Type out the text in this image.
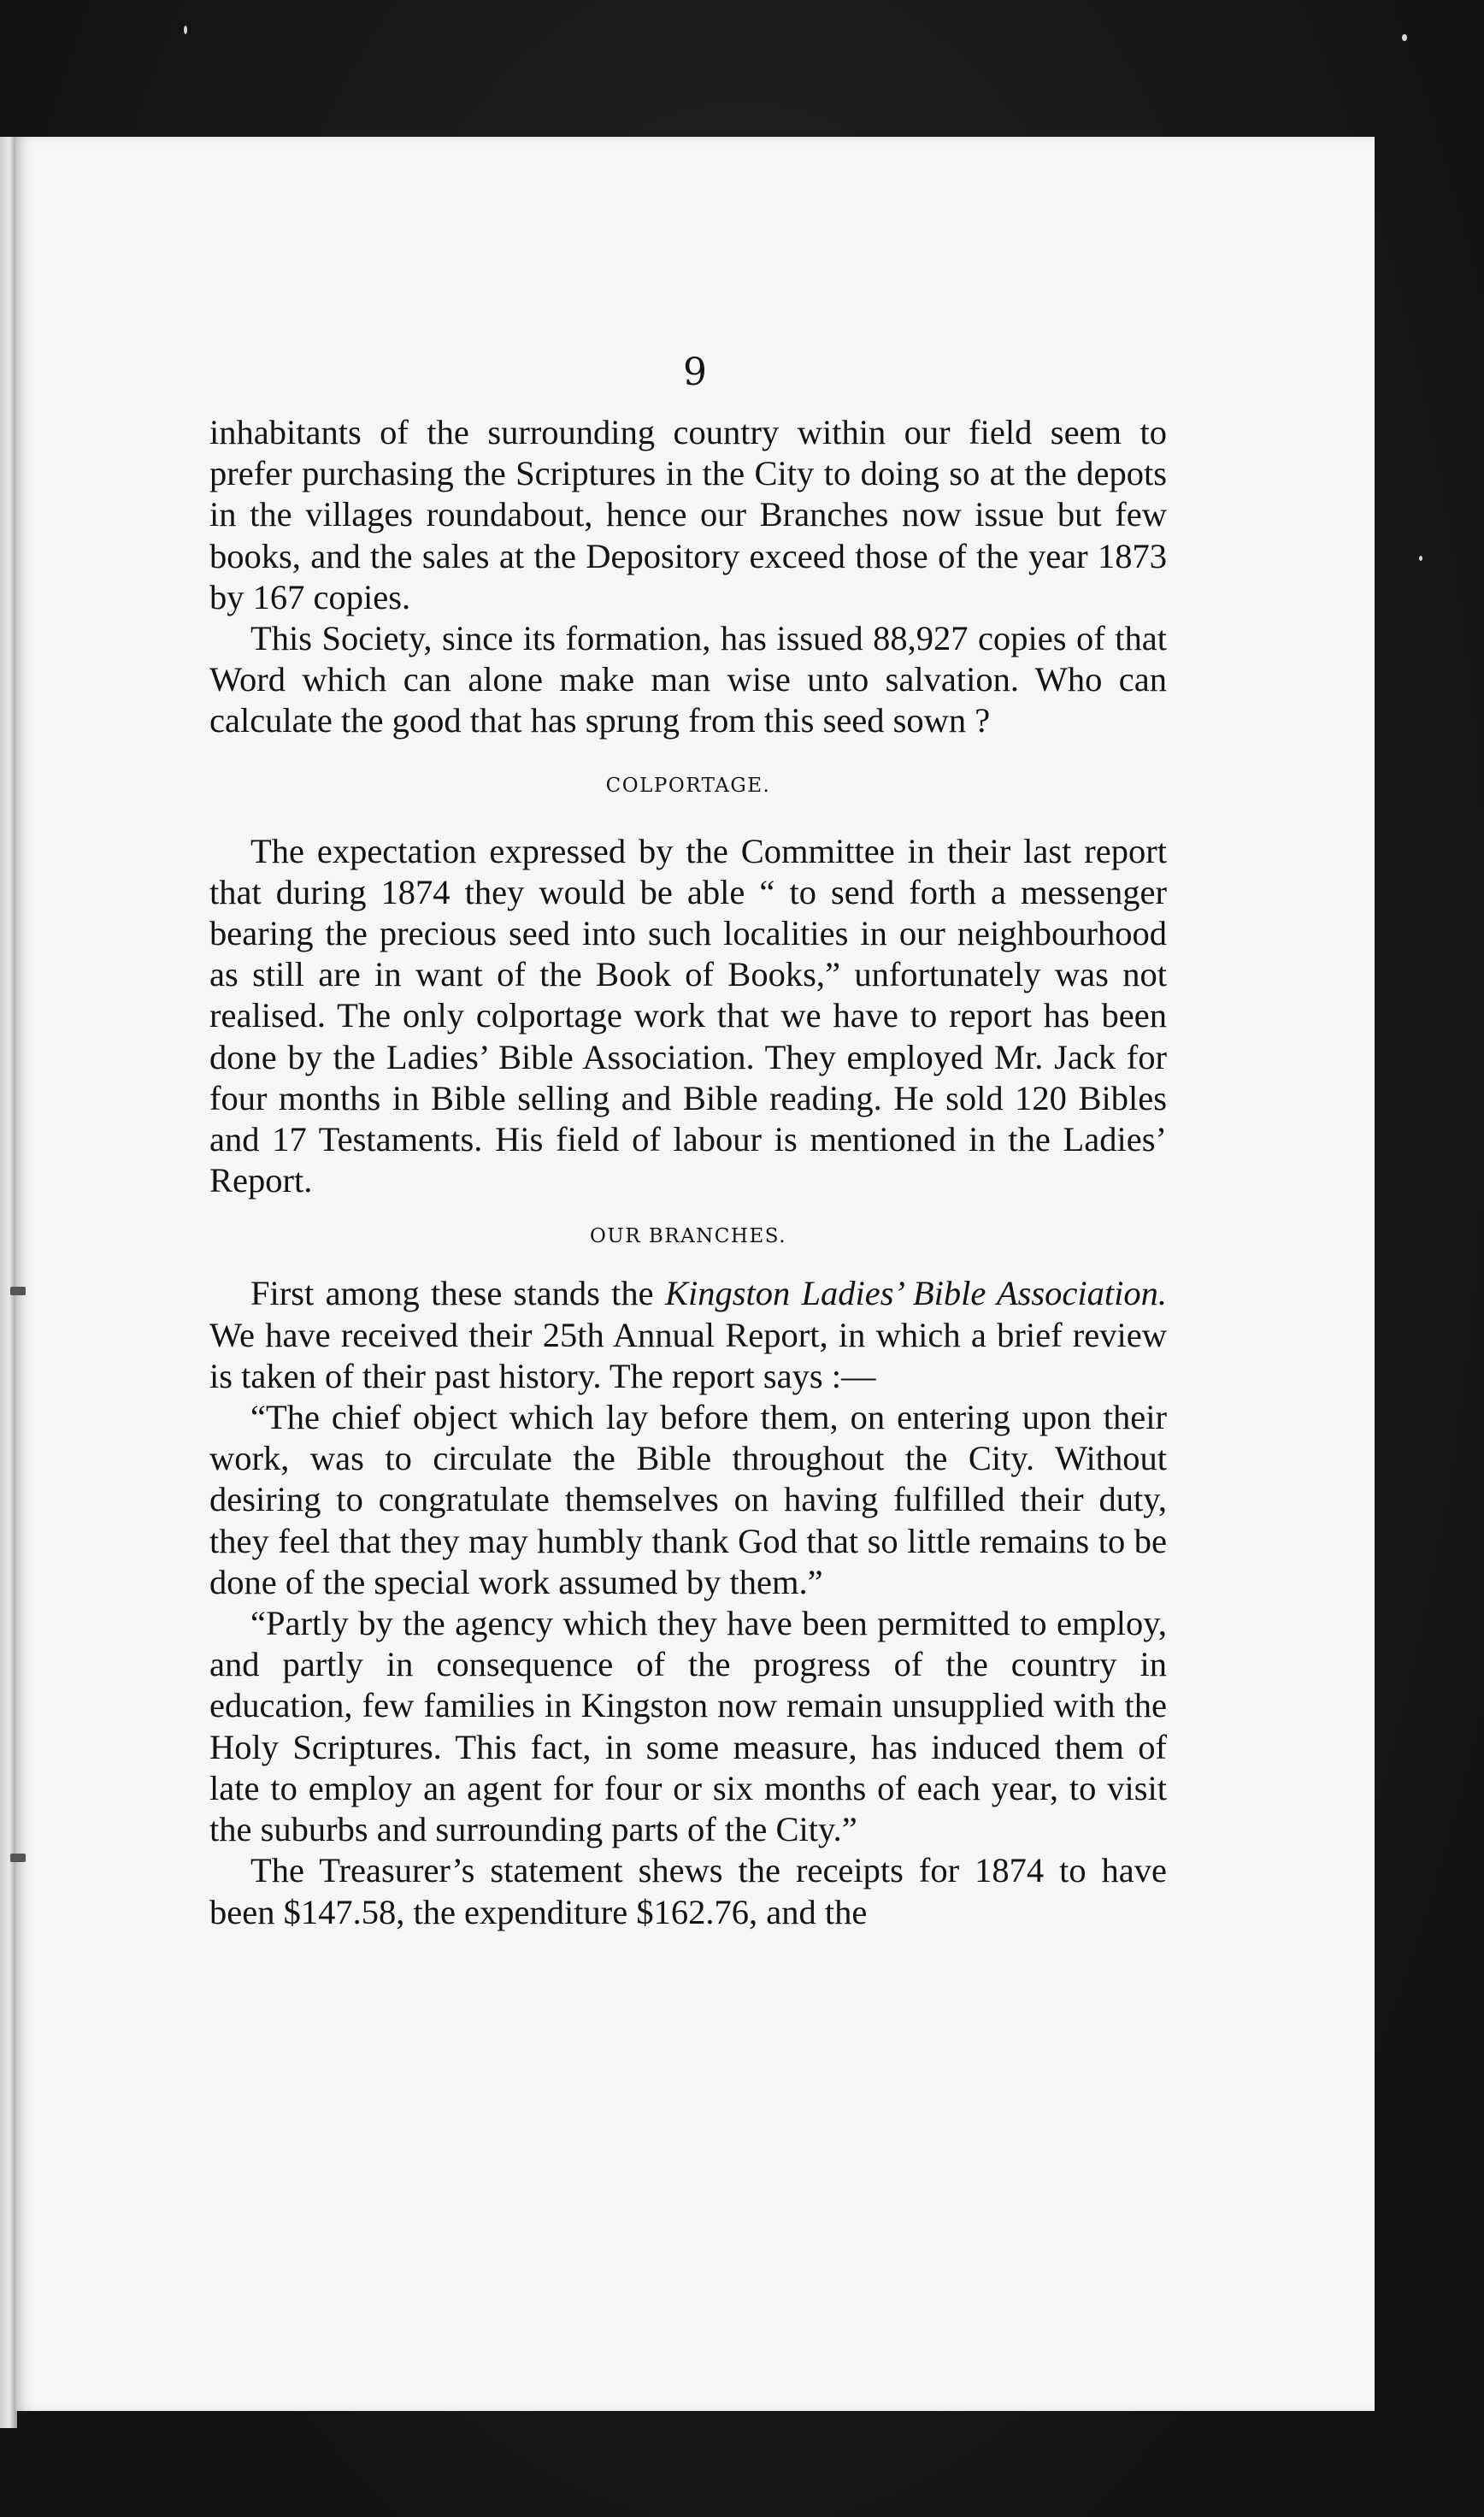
9

inhabitants of the surrounding country within our field seem to prefer purchasing the Scriptures in the City to doing so at the depots in the villages roundabout, hence our Branches now issue but few books, and the sales at the Depository exceed those of the year 1873 by 167 copies.

This Society, since its formation, has issued 88,927 copies of that Word which can alone make man wise unto salvation. Who can calculate the good that has sprung from this seed sown ?

COLPORTAGE.

The expectation expressed by the Committee in their last report that during 1874 they would be able “ to send forth a messenger bearing the precious seed into such localities in our neighbourhood as still are in want of the Book of Books,” unfortunately was not realised. The only colportage work that we have to report has been done by the Ladies’ Bible Association. They employed Mr. Jack for four months in Bible selling and Bible reading. He sold 120 Bibles and 17 Testaments. His field of labour is mentioned in the Ladies’ Report.

OUR BRANCHES.

First among these stands the Kingston Ladies’ Bible Association. We have received their 25th Annual Report, in which a brief review is taken of their past history. The report says :—

“The chief object which lay before them, on entering upon their work, was to circulate the Bible throughout the City. Without desiring to congratulate themselves on having fulfilled their duty, they feel that they may humbly thank God that so little remains to be done of the special work assumed by them.”

“Partly by the agency which they have been permitted to employ, and partly in consequence of the progress of the country in education, few families in Kingston now remain unsupplied with the Holy Scriptures. This fact, in some measure, has induced them of late to employ an agent for four or six months of each year, to visit the suburbs and surrounding parts of the City.”

The Treasurer’s statement shews the receipts for 1874 to have been $147.58, the expenditure $162.76, and the
